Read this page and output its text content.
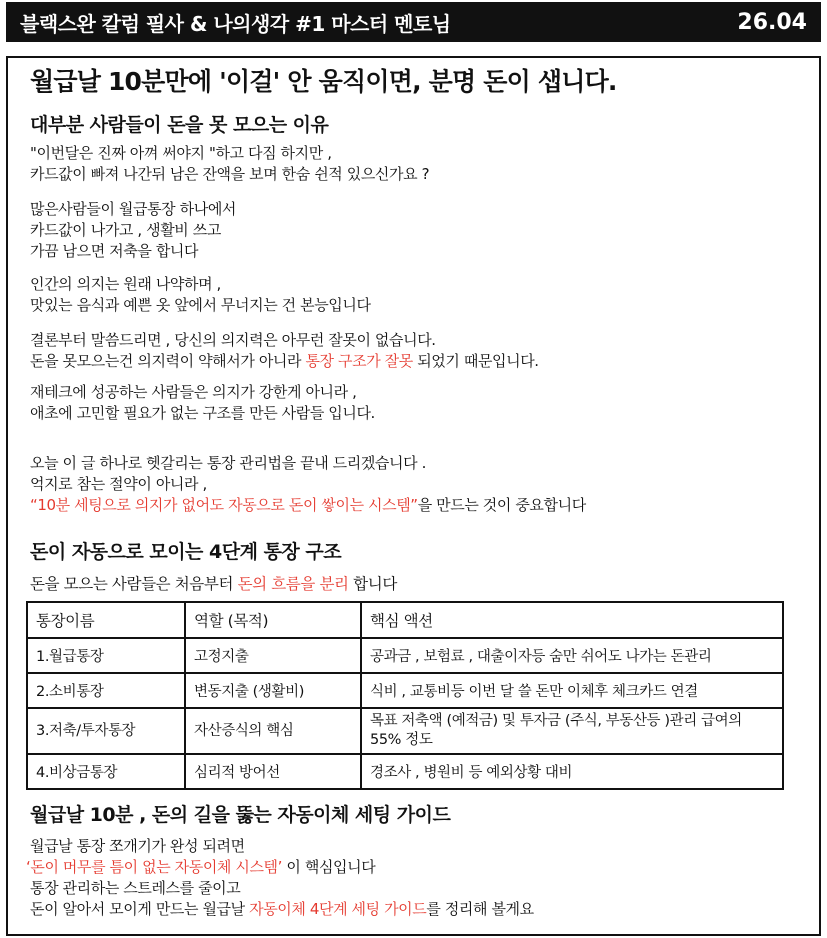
블랙스완 칼럼 필사 & 나의생각 #1 마스터 멘토님	26.04
월급날 10분만에 '이걸' 안 움직이면, 분명 돈이 샙니다.
대부분 사람들이 돈을 못 모으는 이유
"이번달은 진짜 아껴 써야지 "하고 다짐 하지만 ,
카드값이 빠져 나간뒤 남은 잔액을 보며 한숨 쉰적 있으신가요 ?
많은사람들이 월급통장 하나에서
카드값이 나가고 , 생활비 쓰고
가끔 남으면 저축을 합니다
인간의 의지는 원래 나약하며 ,
맛있는 음식과 예쁜 옷 앞에서 무너지는 건 본능입니다
결론부터 말씀드리면 , 당신의 의지력은 아무런 잘못이 없습니다.
돈을 못모으는건 의지력이 약해서가 아니라 통장 구조가 잘못 되었기 때문입니다.
재테크에 성공하는 사람들은 의지가 강한게 아니라 ,
애초에 고민할 필요가 없는 구조를 만든 사람들 입니다.
오늘 이 글 하나로 헷갈리는 통장 관리법을 끝내 드리겠습니다 .
억지로 참는 절약이 아니라 ,
“10분 세팅으로 의지가 없어도 자동으로 돈이 쌓이는 시스템”을 만드는 것이 중요합니다
돈이 자동으로 모이는 4단계 통장 구조
돈을 모으는 사람들은 처음부터 돈의 흐름을 분리 합니다
통장이름	역할 (목적)	핵심 액션
1.월급통장	고정지출	공과금 , 보험료 , 대출이자등 숨만 쉬어도 나가는 돈관리
2.소비통장	변동지출 (생활비)	식비 , 교통비등 이번 달 쓸 돈만 이체후 체크카드 연결
3.저축/투자통장	자산증식의 핵심	목표 저축액 (예적금) 및 투자금 (주식, 부동산등 )관리 급여의 55% 정도
4.비상금통장	심리적 방어선	경조사 , 병원비 등 예외상황 대비
월급날 10분 , 돈의 길을 뚫는 자동이체 세팅 가이드
월급날 통장 쪼개기가 완성 되려면
‘돈이 머무를 틈이 없는 자동이체 시스템’ 이 핵심입니다
통장 관리하는 스트레스를 줄이고
돈이 알아서 모이게 만드는 월급날 자동이체 4단계 세팅 가이드를 정리해 볼게요
